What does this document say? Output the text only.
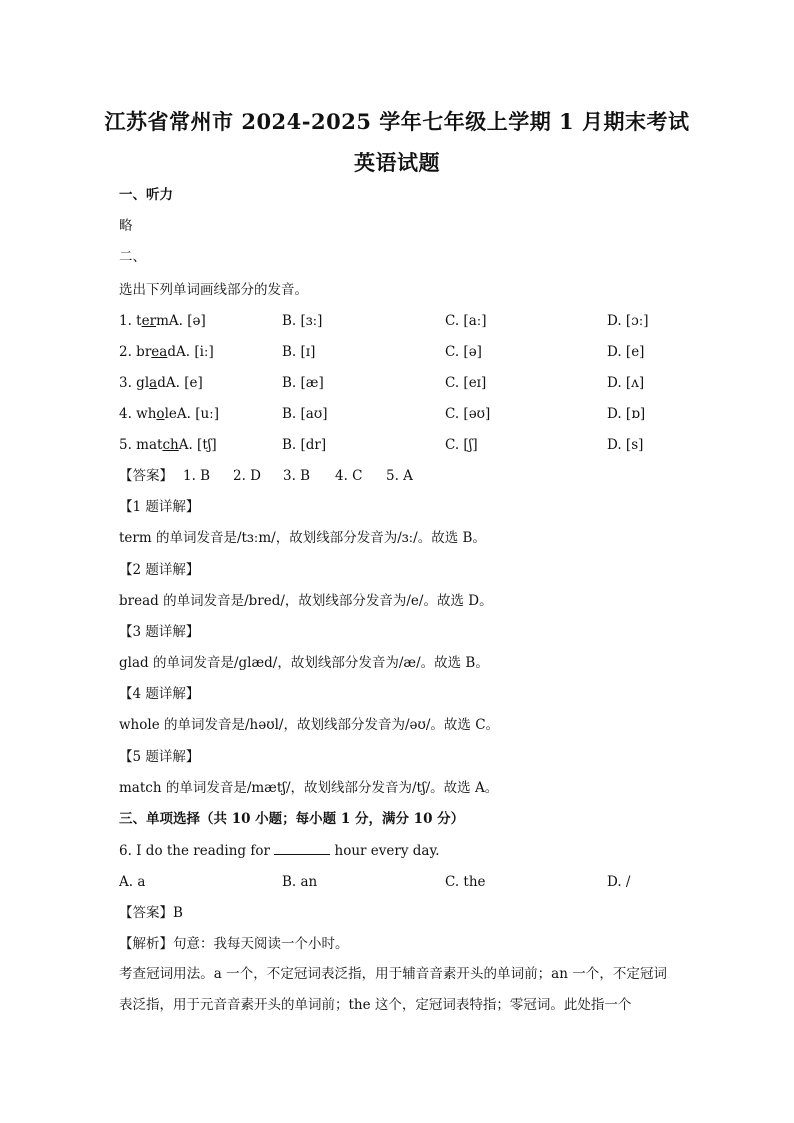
江苏省常州市 2024-2025 学年七年级上学期 1 月期末考试
英语试题
一、听力
略
二、
选出下列单词画线部分的发音。
1. termA. [ə]	B. [ɜː]	C. [aː]	D. [ɔː]
2. breadA. [iː]	B. [ɪ]	C. [ə]	D. [e]
3. gladA. [e]	B. [æ]	C. [eɪ]	D. [ʌ]
4. wholeA. [uː]	B. [aʊ]	C. [əʊ]	D. [ɒ]
5. matchA. [tʃ]	B. [dr]	C. [ʃ]	D. [s]
【答案】 1. B 2. D 3. B 4. C 5. A
【1 题详解】
term 的单词发音是/tɜːm/，故划线部分发音为/ɜː/。故选 B。
【2 题详解】
bread 的单词发音是/bred/，故划线部分发音为/e/。故选 D。
【3 题详解】
glad 的单词发音是/glæd/，故划线部分发音为/æ/。故选 B。
【4 题详解】
whole 的单词发音是/həʊl/，故划线部分发音为/əʊ/。故选 C。
【5 题详解】
match 的单词发音是/mætʃ/，故划线部分发音为/tʃ/。故选 A。
三、单项选择（共 10 小题；每小题 1 分，满分 10 分）
6. I do the reading for	hour every day.
A. a	B. an	C. the	D. /
【答案】B
【解析】句意：我每天阅读一个小时。
考查冠词用法。a 一个，不定冠词表泛指，用于辅音音素开头的单词前；an 一个，不定冠词表泛指，用于元音音素开头的单词前；the 这个，定冠词表特指；零冠词。此处指一个
